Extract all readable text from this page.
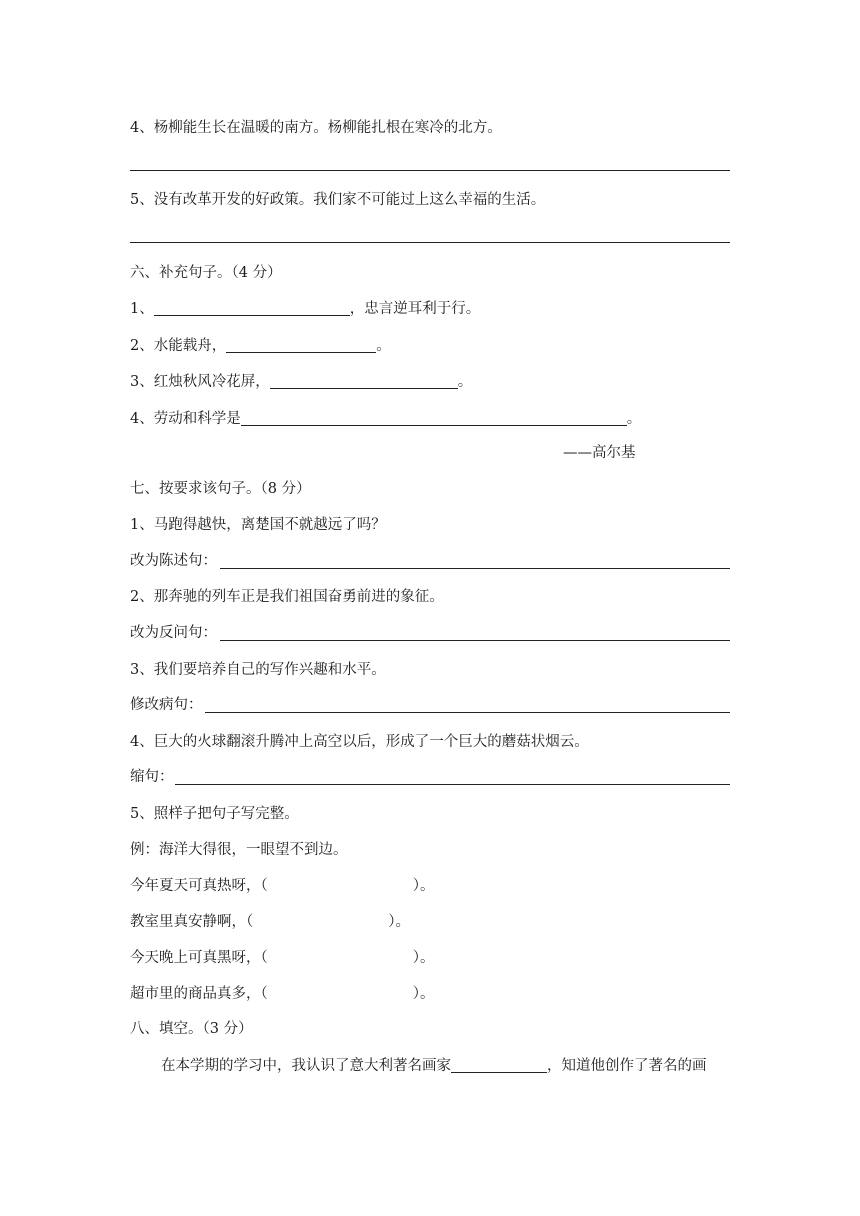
4、杨柳能生长在温暖的南方。杨柳能扎根在寒冷的北方。
5、没有改革开发的好政策。我们家不可能过上这么幸福的生活。
六、补充句子。（4 分）
1、	，忠言逆耳利于行。
2、水能载舟，	。
3、红烛秋风冷花屏，	。
4、劳动和科学是	。
——高尔基
七、按要求该句子。（8 分）
1、马跑得越快，离楚国不就越远了吗？
改为陈述句：
2、那奔驰的列车正是我们祖国奋勇前进的象征。
改为反问句：
3、我们要培养自己的写作兴趣和水平。
修改病句：
4、巨大的火球翻滚升腾冲上高空以后，形成了一个巨大的蘑菇状烟云。
缩句：
5、照样子把句子写完整。
例：海洋大得很，一眼望不到边。
今年夏天可真热呀，（	）。
教室里真安静啊，（	）。
今天晚上可真黑呀，（	）。
超市里的商品真多，（	）。
八、填空。（3 分）
在本学期的学习中，我认识了意大利著名画家	，知道他创作了著名的画
